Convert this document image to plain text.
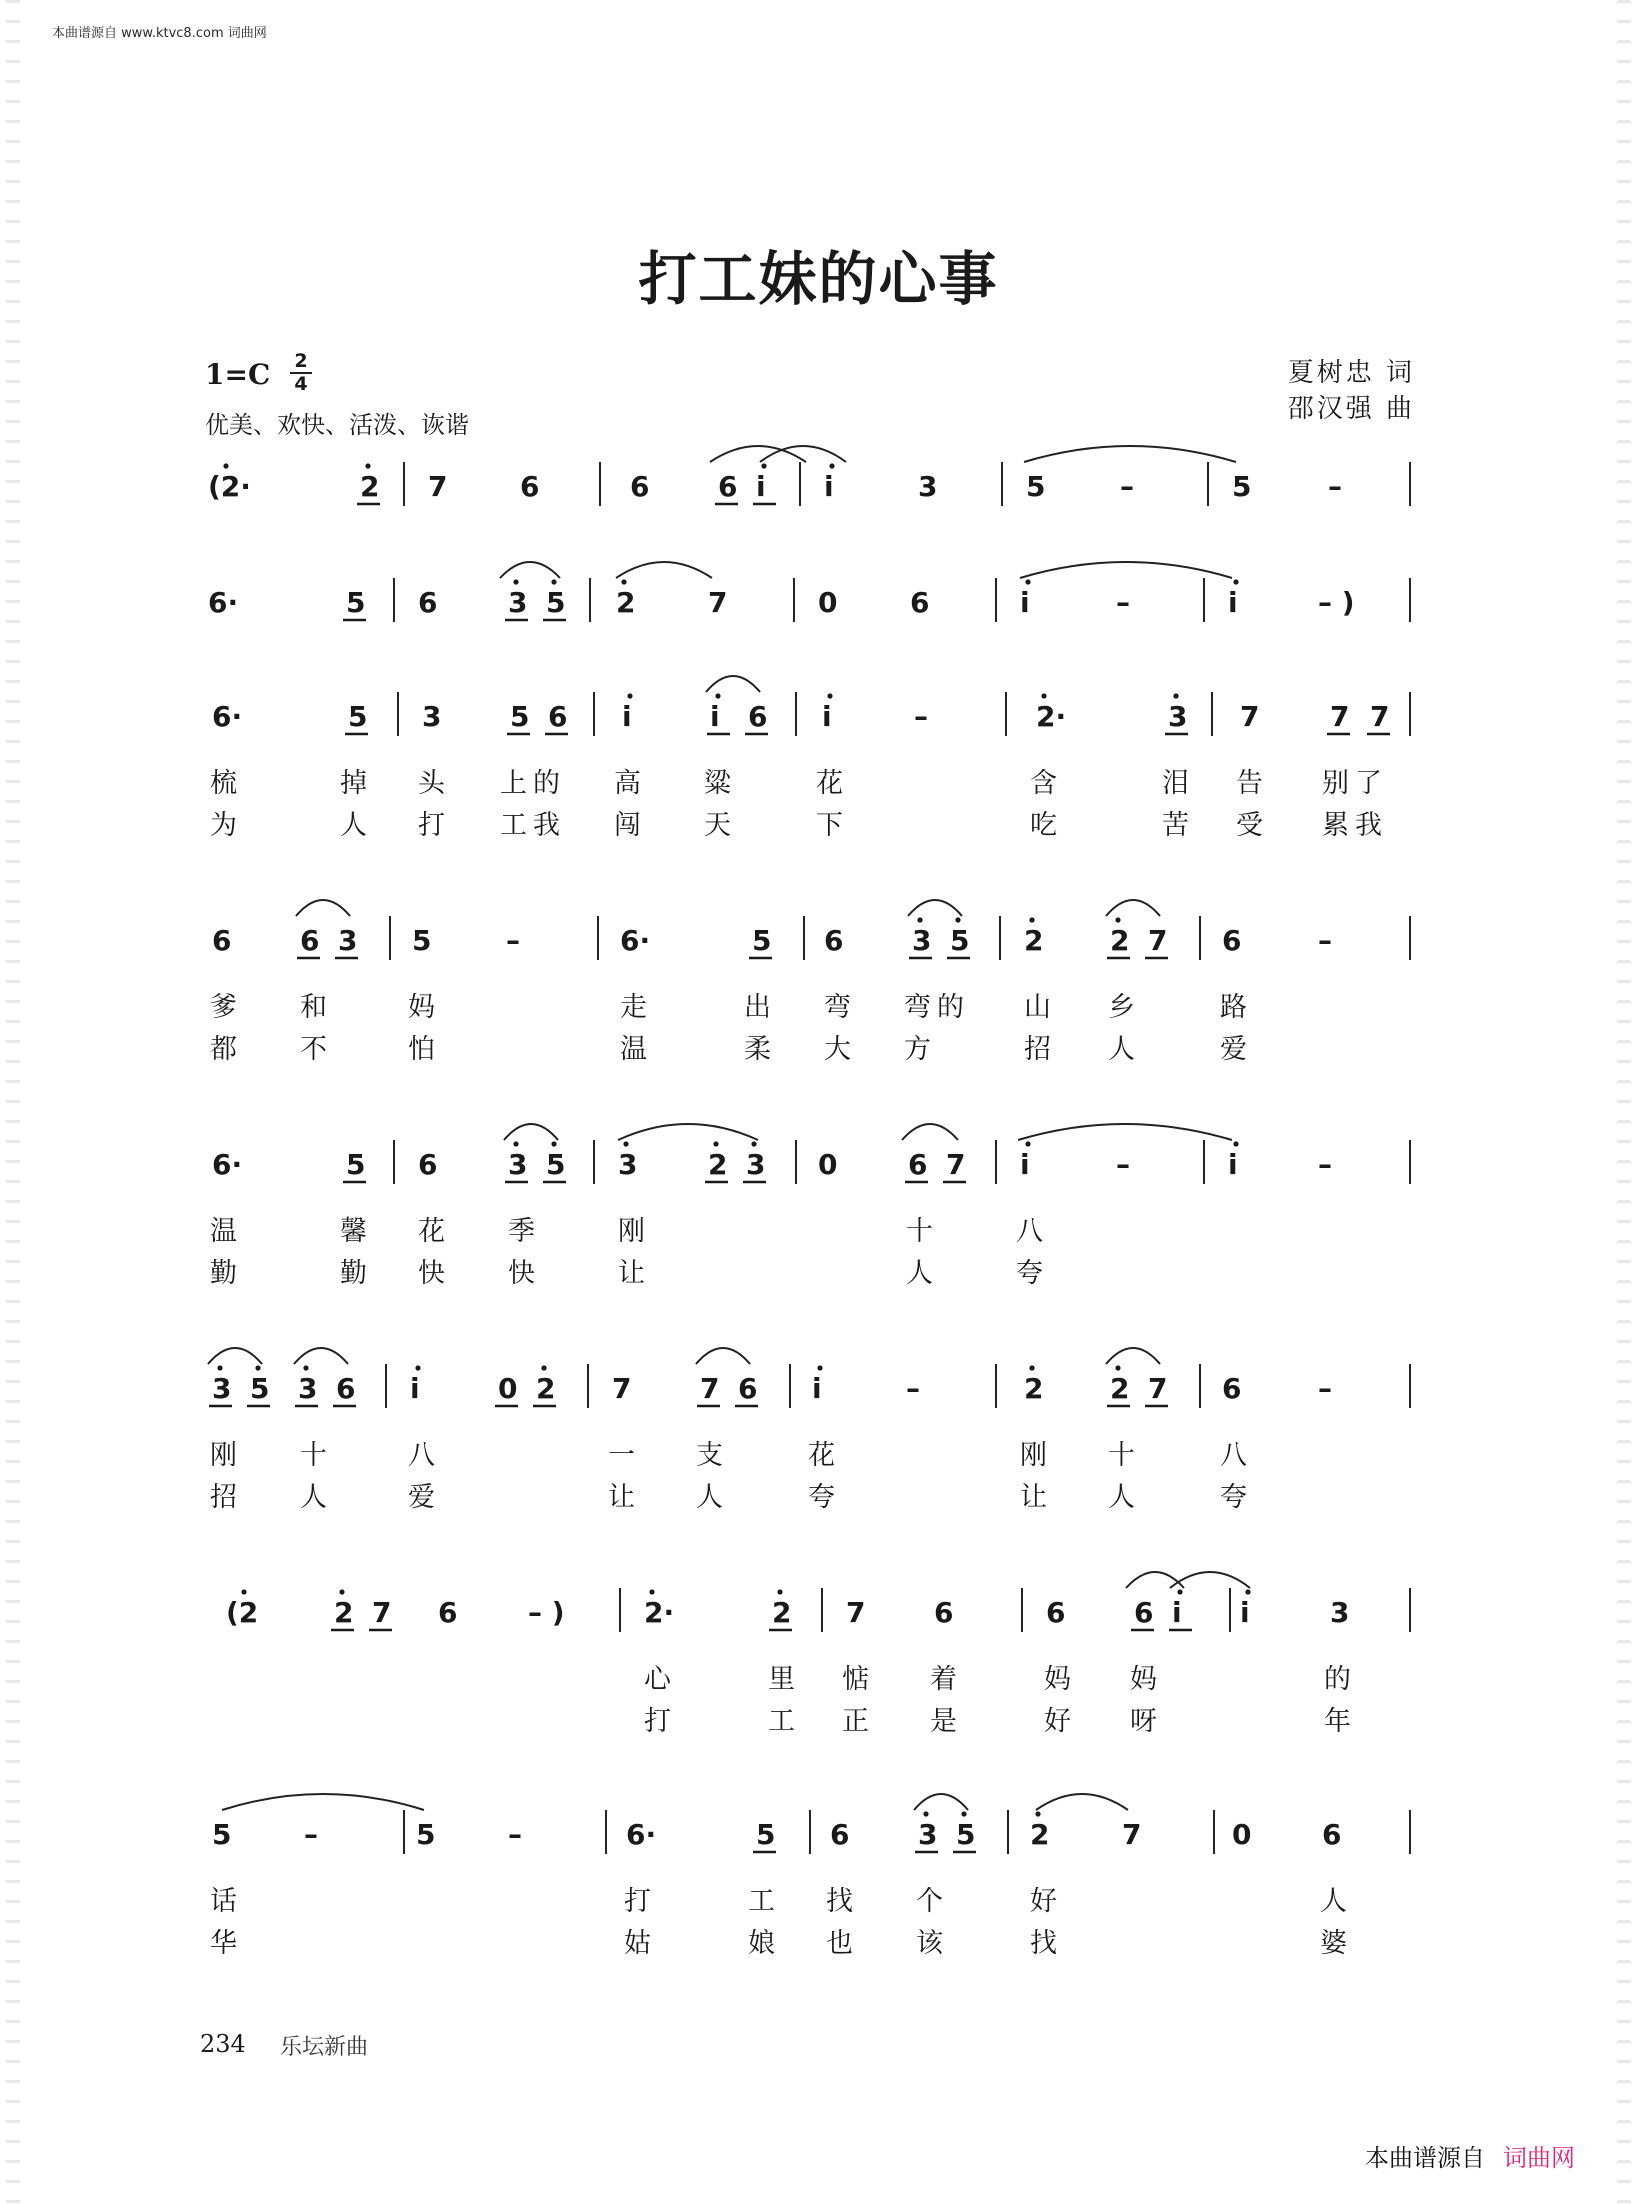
本曲谱源自 www.ktvc8.com 词曲网
打工妹的心事
1=C 2
4
优美、欢快、活泼、诙谐
夏树忠 词
邵汉强 曲
(2·	2 7	6	6 6 i i	3	5	–	5	–
6·	5 6	3 5 2	7	0	6	i	–	i	– )
6·	5 3 5 6 i	i 6 i	–	2·	3 7	7 7
梳	掉 头 上的 高 粱	花	含	泪 告 别了
为	人 打 工我 闯 天	下	吃	苦 受 累我
6 6 3 5	–	6·	5 6 3 5 2 2 7 6	–
爹 和	妈	走	出 弯 弯的 山 乡	路
都 不	怕	温	柔 大 方	招 人	爱
6·	5 6	3 5 3	2 3 0	6 7 i	–	i	–
温	馨 花 季	刚	十	八
勤	勤 快 快	让	人	夸
3 5 3 6 i	0 2 7 7 6 i	–	2 2 7 6	–
刚 十	八	一 支	花	刚 十	八
招 人	爱	让 人	夸	让 人	夸
(2	2 7 6	– )	2·	2 7 6	6 6 i i	3
心	里 惦 着	妈 妈	的
打	工 正 是	好 呀	年
5	–	5	–	6·	5 6 3 5 2	7	0	6
话	打	工 找 个	好	人
华	姑	娘 也 该	找	婆
234 乐坛新曲
本曲谱源自 词曲网
